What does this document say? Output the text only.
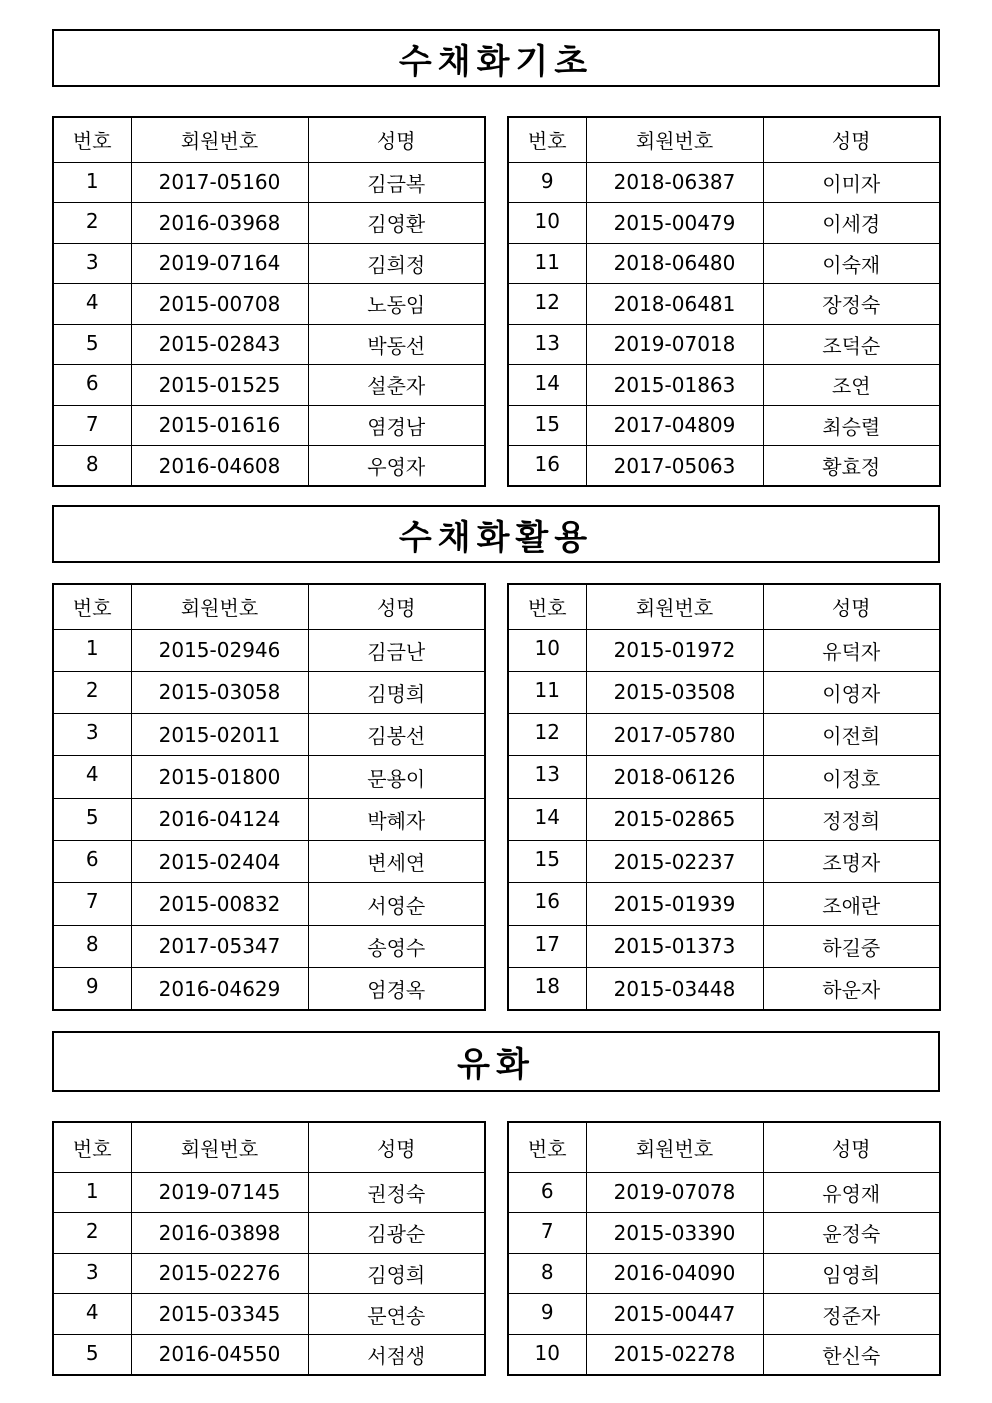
수채화기초
번호	회원번호	성명
1	2017-05160	김금복
2	2016-03968	김영환
3	2019-07164	김희정
4	2015-00708	노동임
5	2015-02843	박동선
6	2015-01525	설춘자
7	2015-01616	염경남
8	2016-04608	우영자
번호	회원번호	성명
9	2018-06387	이미자
10	2015-00479	이세경
11	2018-06480	이숙재
12	2018-06481	장정숙
13	2019-07018	조덕순
14	2015-01863	조연
15	2017-04809	최승렬
16	2017-05063	황효정
수채화활용
번호	회원번호	성명
1	2015-02946	김금난
2	2015-03058	김명희
3	2015-02011	김봉선
4	2015-01800	문용이
5	2016-04124	박혜자
6	2015-02404	변세연
7	2015-00832	서영순
8	2017-05347	송영수
9	2016-04629	엄경옥
번호	회원번호	성명
10	2015-01972	유덕자
11	2015-03508	이영자
12	2017-05780	이전희
13	2018-06126	이정호
14	2015-02865	정정희
15	2015-02237	조명자
16	2015-01939	조애란
17	2015-01373	하길중
18	2015-03448	하운자
유화
번호	회원번호	성명
1	2019-07145	권정숙
2	2016-03898	김광순
3	2015-02276	김영희
4	2015-03345	문연송
5	2016-04550	서점생
번호	회원번호	성명
6	2019-07078	유영재
7	2015-03390	윤정숙
8	2016-04090	임영희
9	2015-00447	정준자
10	2015-02278	한신숙
